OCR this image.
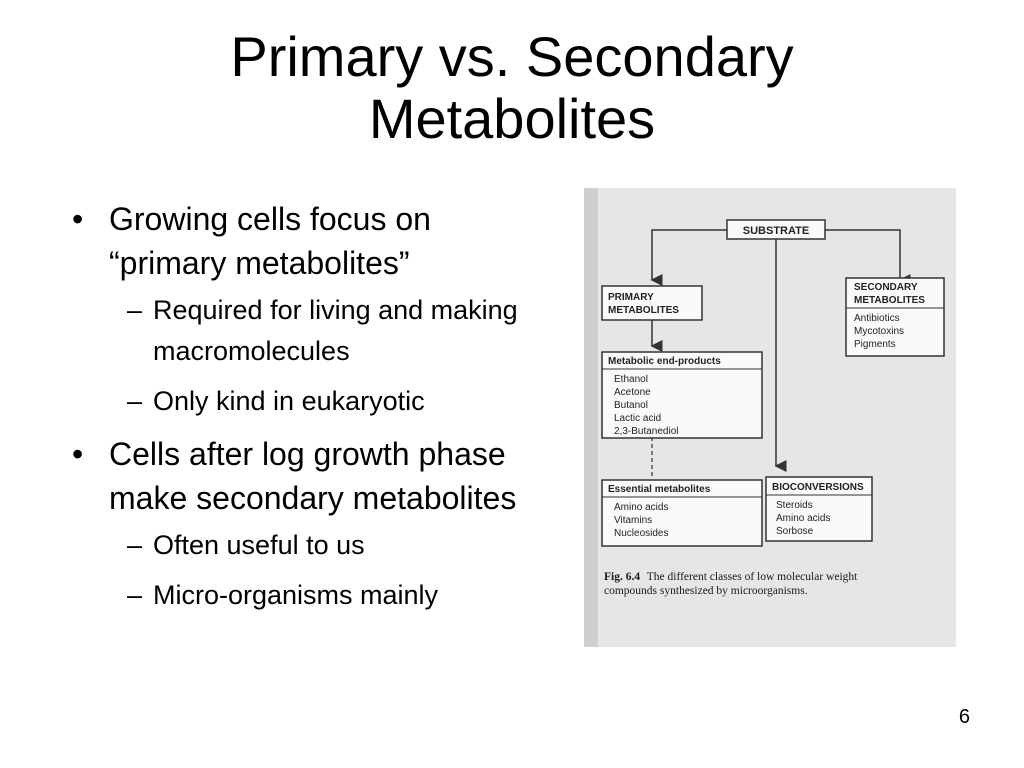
Primary vs. Secondary
Metabolites
• Growing cells focus on “primary metabolites”
– Required for living and making macromolecules
– Only kind in eukaryotic
• Cells after log growth phase make secondary metabolites
– Often useful to us
– Micro-organisms mainly
SUBSTRATE
PRIMARY
METABOLITES
SECONDARY
METABOLITES
Antibiotics
Mycotoxins
Pigments
Metabolic end-products
Ethanol
Acetone
Butanol
Lactic acid
2,3-Butanediol
Essential metabolites
Amino acids
Vitamins
Nucleosides
BIOCONVERSIONS
Steroids
Amino acids
Sorbose
Fig. 6.4 The different classes of low molecular weight
compounds synthesized by microorganisms.
6
